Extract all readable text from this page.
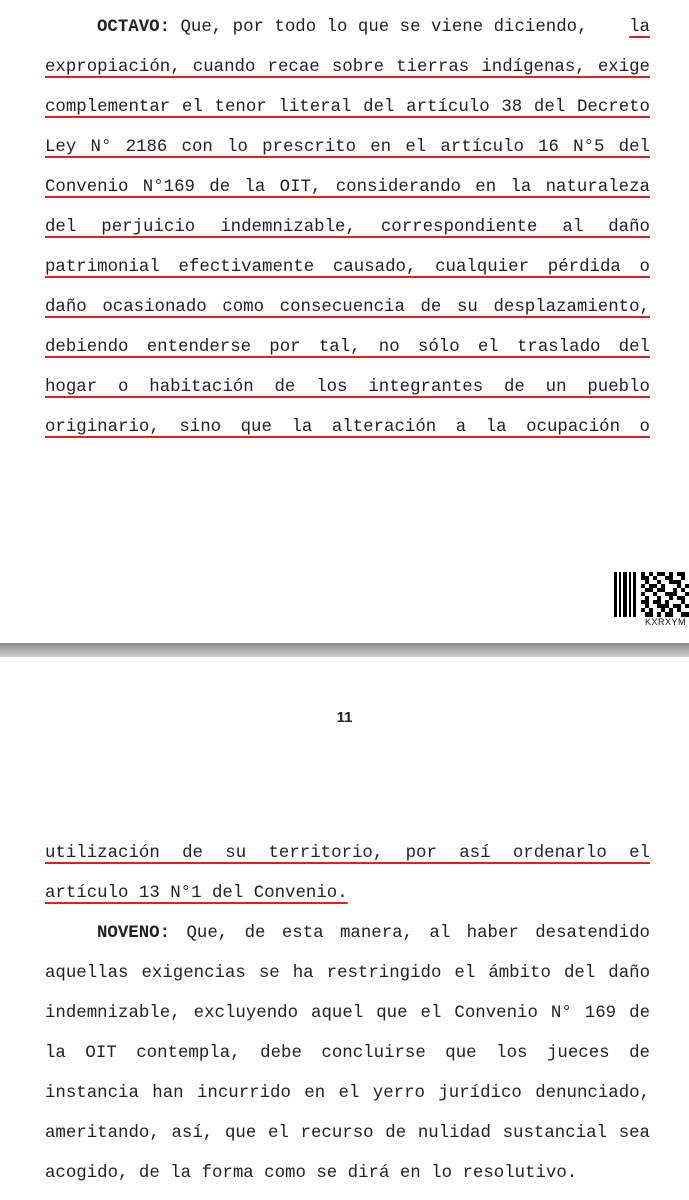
OCTAVO: Que, por todo lo que se viene diciendo, la
expropiación, cuando recae sobre tierras indígenas, exige
complementar el tenor literal del artículo 38 del Decreto
Ley N° 2186 con lo prescrito en el artículo 16 N°5 del
Convenio N°169 de la OIT, considerando en la naturaleza
del perjuicio indemnizable, correspondiente al daño
patrimonial efectivamente causado, cualquier pérdida o
daño ocasionado como consecuencia de su desplazamiento,
debiendo entenderse por tal, no sólo el traslado del
hogar o habitación de los integrantes de un pueblo
originario, sino que la alteración a la ocupación o
KXRXYM
11
utilización de su territorio, por así ordenarlo el
artículo 13 N°1 del Convenio.
NOVENO: Que, de esta manera, al haber desatendido
aquellas exigencias se ha restringido el ámbito del daño
indemnizable, excluyendo aquel que el Convenio N° 169 de
la OIT contempla, debe concluirse que los jueces de
instancia han incurrido en el yerro jurídico denunciado,
ameritando, así, que el recurso de nulidad sustancial sea
acogido, de la forma como se dirá en lo resolutivo.
